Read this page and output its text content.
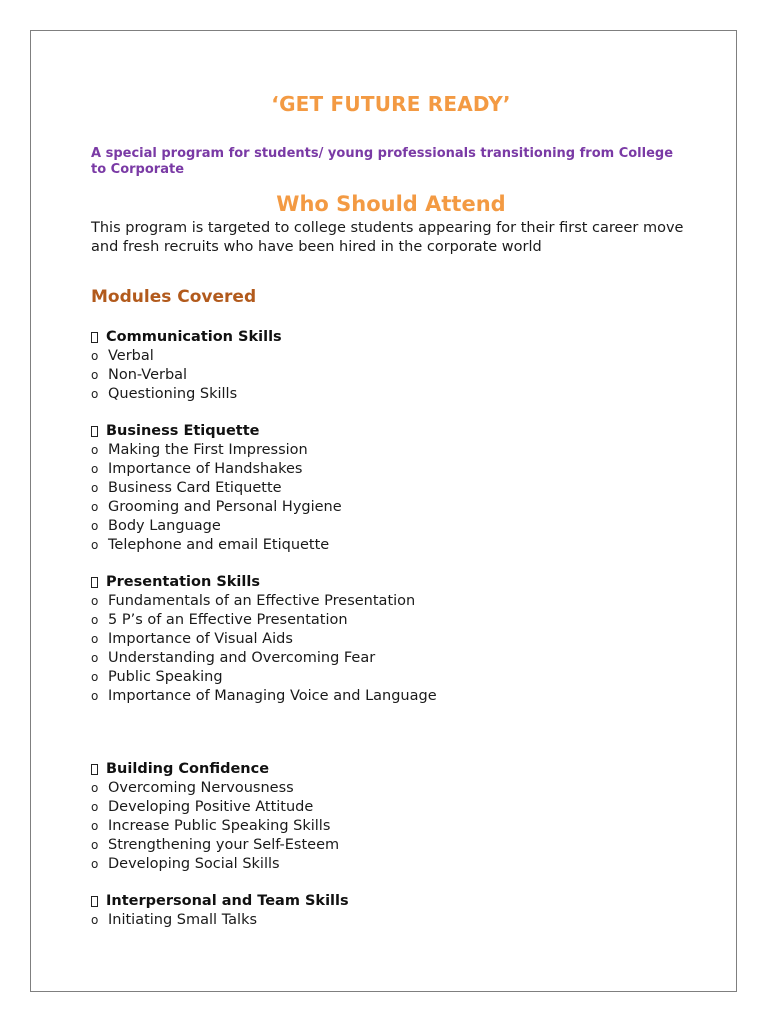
‘GET FUTURE READY’
A special program for students/ young professionals transitioning from College to Corporate
Who Should Attend
This program is targeted to college students appearing for their first career move and fresh recruits who have been hired in the corporate world
Modules Covered
Communication Skills
o Verbal
o Non-Verbal
o Questioning Skills
Business Etiquette
o Making the First Impression
o Importance of Handshakes
o Business Card Etiquette
o Grooming and Personal Hygiene
o Body Language
o Telephone and email Etiquette
Presentation Skills
o Fundamentals of an Effective Presentation
o 5 P’s of an Effective Presentation
o Importance of Visual Aids
o Understanding and Overcoming Fear
o Public Speaking
o Importance of Managing Voice and Language
Building Confidence
o Overcoming Nervousness
o Developing Positive Attitude
o Increase Public Speaking Skills
o Strengthening your Self-Esteem
o Developing Social Skills
Interpersonal and Team Skills
o Initiating Small Talks
